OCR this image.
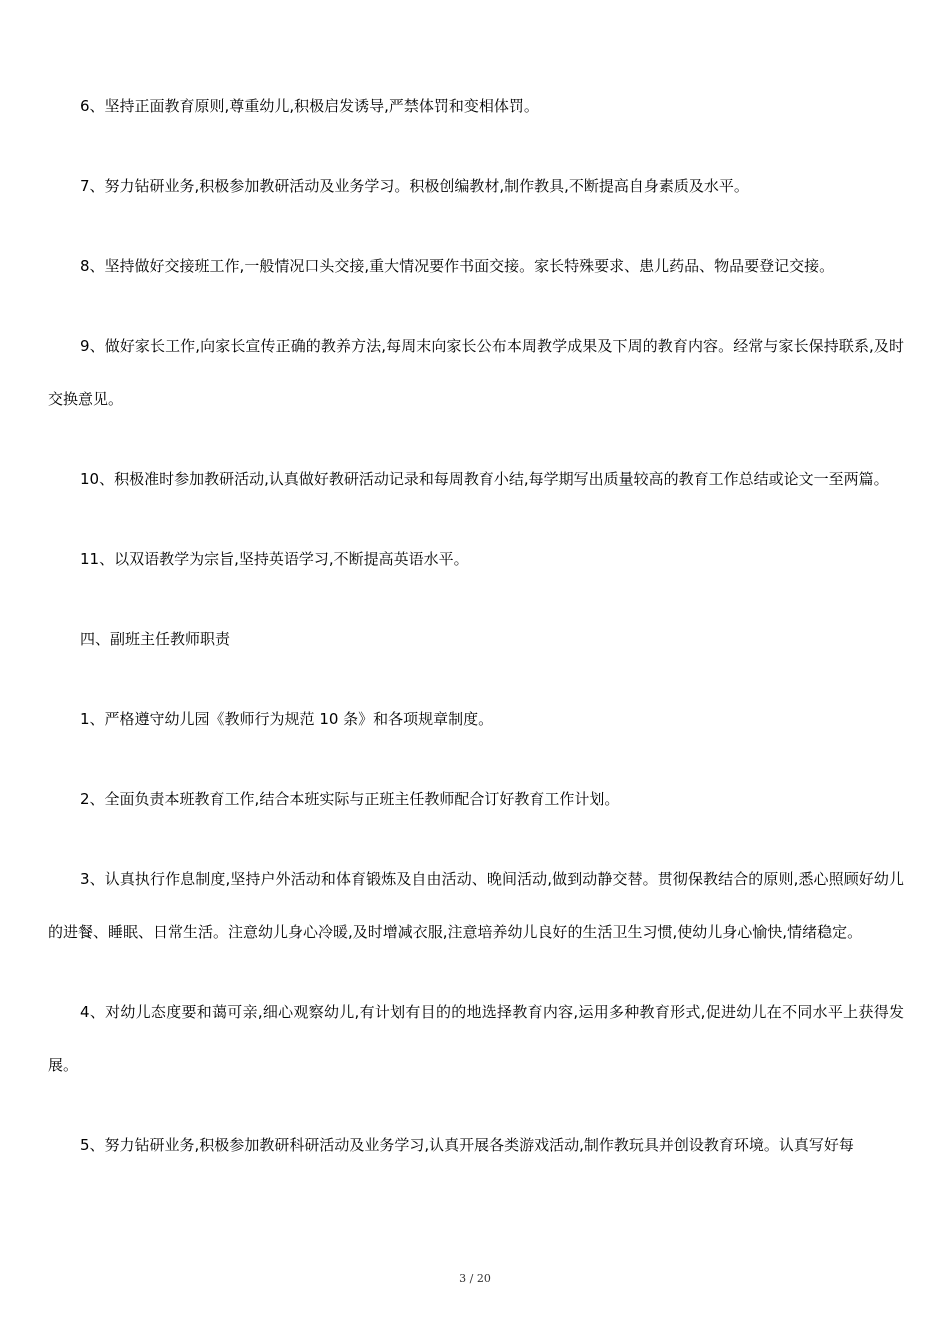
6、坚持正面教育原则,尊重幼儿,积极启发诱导,严禁体罚和变相体罚。

7、努力钻研业务,积极参加教研活动及业务学习。积极创编教材,制作教具,不断提高自身素质及水平。

8、坚持做好交接班工作,一般情况口头交接,重大情况要作书面交接。家长特殊要求、患儿药品、物品要登记交接。

9、做好家长工作,向家长宣传正确的教养方法,每周末向家长公布本周教学成果及下周的教育内容。经常与家长保持联系,及时交换意见。

10、积极准时参加教研活动,认真做好教研活动记录和每周教育小结,每学期写出质量较高的教育工作总结或论文一至两篇。

11、以双语教学为宗旨,坚持英语学习,不断提高英语水平。

四、副班主任教师职责

1、严格遵守幼儿园《教师行为规范 10 条》和各项规章制度。

2、全面负责本班教育工作,结合本班实际与正班主任教师配合订好教育工作计划。

3、认真执行作息制度,坚持户外活动和体育锻炼及自由活动、晚间活动,做到动静交替。贯彻保教结合的原则,悉心照顾好幼儿的进餐、睡眠、日常生活。注意幼儿身心冷暖,及时增减衣服,注意培养幼儿良好的生活卫生习惯,使幼儿身心愉快,情绪稳定。

4、对幼儿态度要和蔼可亲,细心观察幼儿,有计划有目的的地选择教育内容,运用多种教育形式,促进幼儿在不同水平上获得发展。

5、努力钻研业务,积极参加教研科研活动及业务学习,认真开展各类游戏活动,制作教玩具并创设教育环境。认真写好每

3 / 20
